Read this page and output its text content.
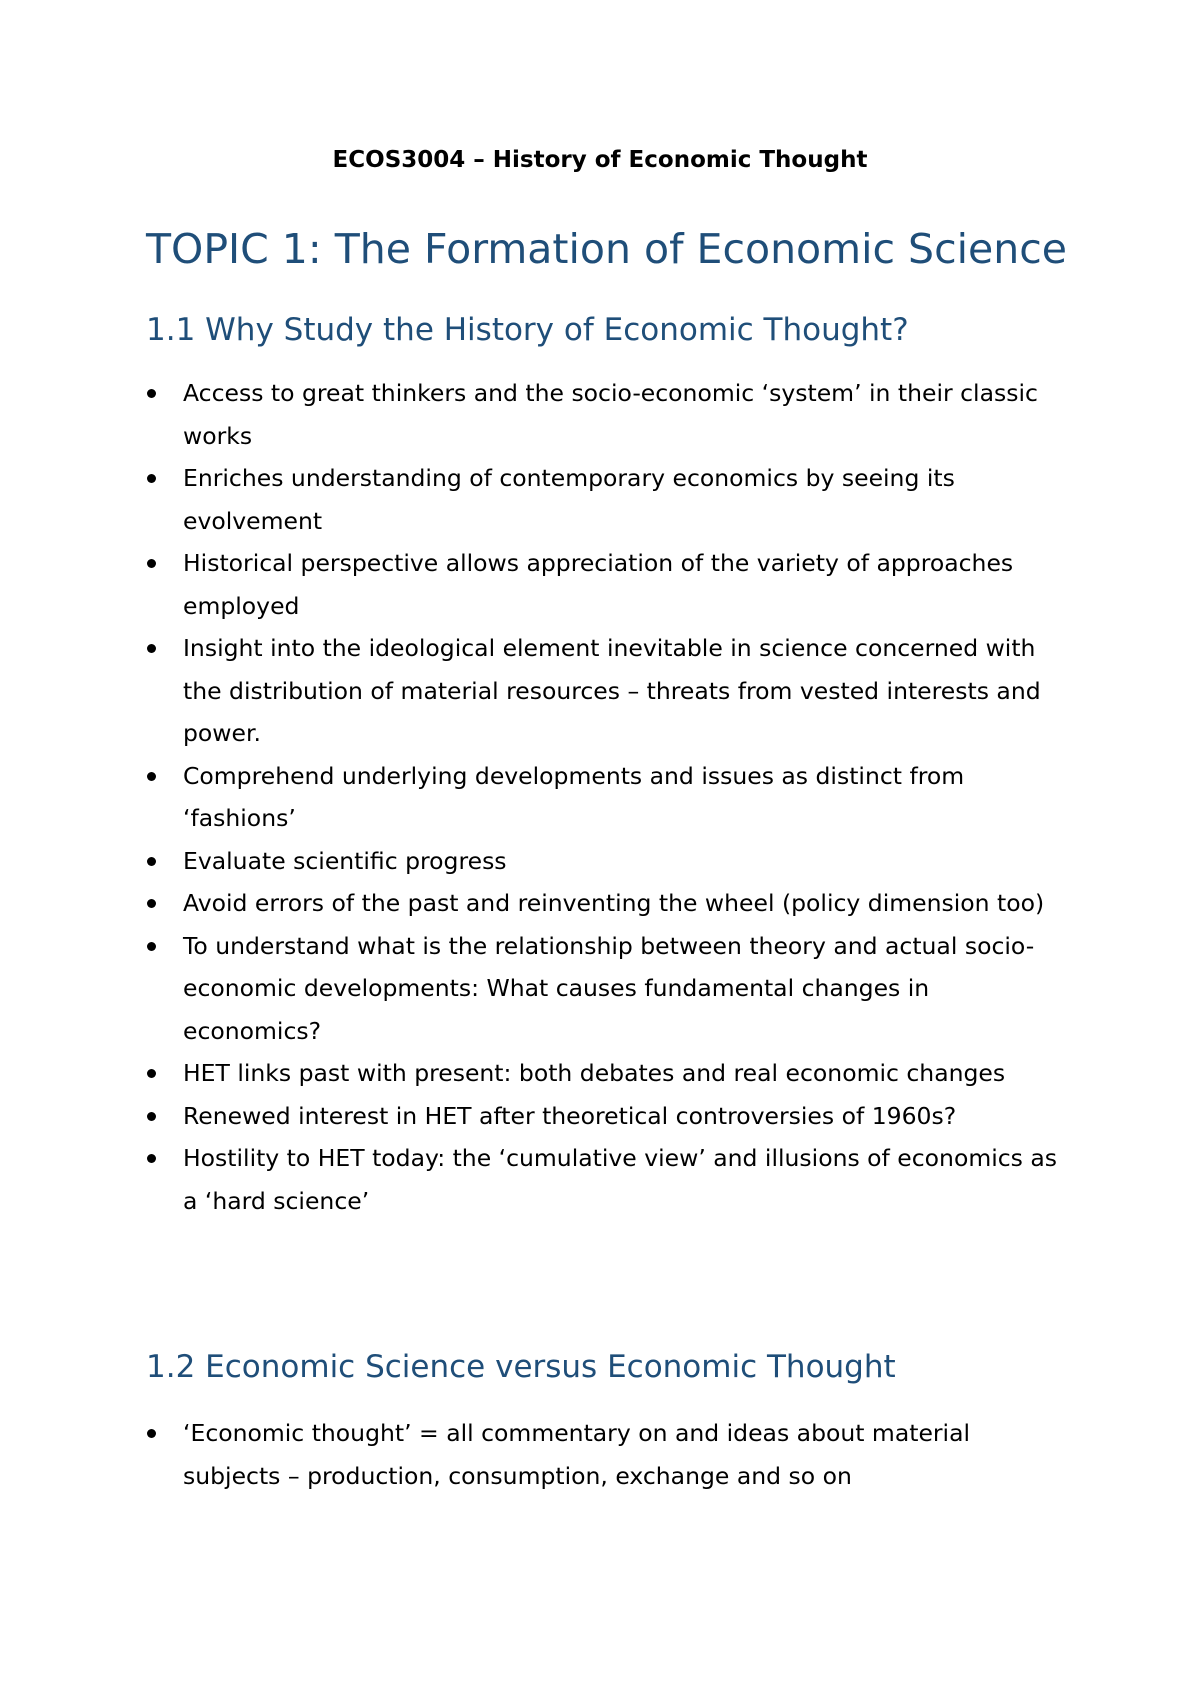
ECOS3004 – History of Economic Thought
TOPIC 1: The Formation of Economic Science
1.1 Why Study the History of Economic Thought?
Access to great thinkers and the socio-economic ‘system’ in their classic works
Enriches understanding of contemporary economics by seeing its evolvement
Historical perspective allows appreciation of the variety of approaches employed
Insight into the ideological element inevitable in science concerned with the distribution of material resources – threats from vested interests and power.
Comprehend underlying developments and issues as distinct from ‘fashions’
Evaluate scientific progress
Avoid errors of the past and reinventing the wheel (policy dimension too)
To understand what is the relationship between theory and actual socio-economic developments: What causes fundamental changes in economics?
HET links past with present: both debates and real economic changes
Renewed interest in HET after theoretical controversies of 1960s?
Hostility to HET today: the ‘cumulative view’ and illusions of economics as a ‘hard science’
1.2 Economic Science versus Economic Thought
‘Economic thought’ = all commentary on and ideas about material subjects – production, consumption, exchange and so on
